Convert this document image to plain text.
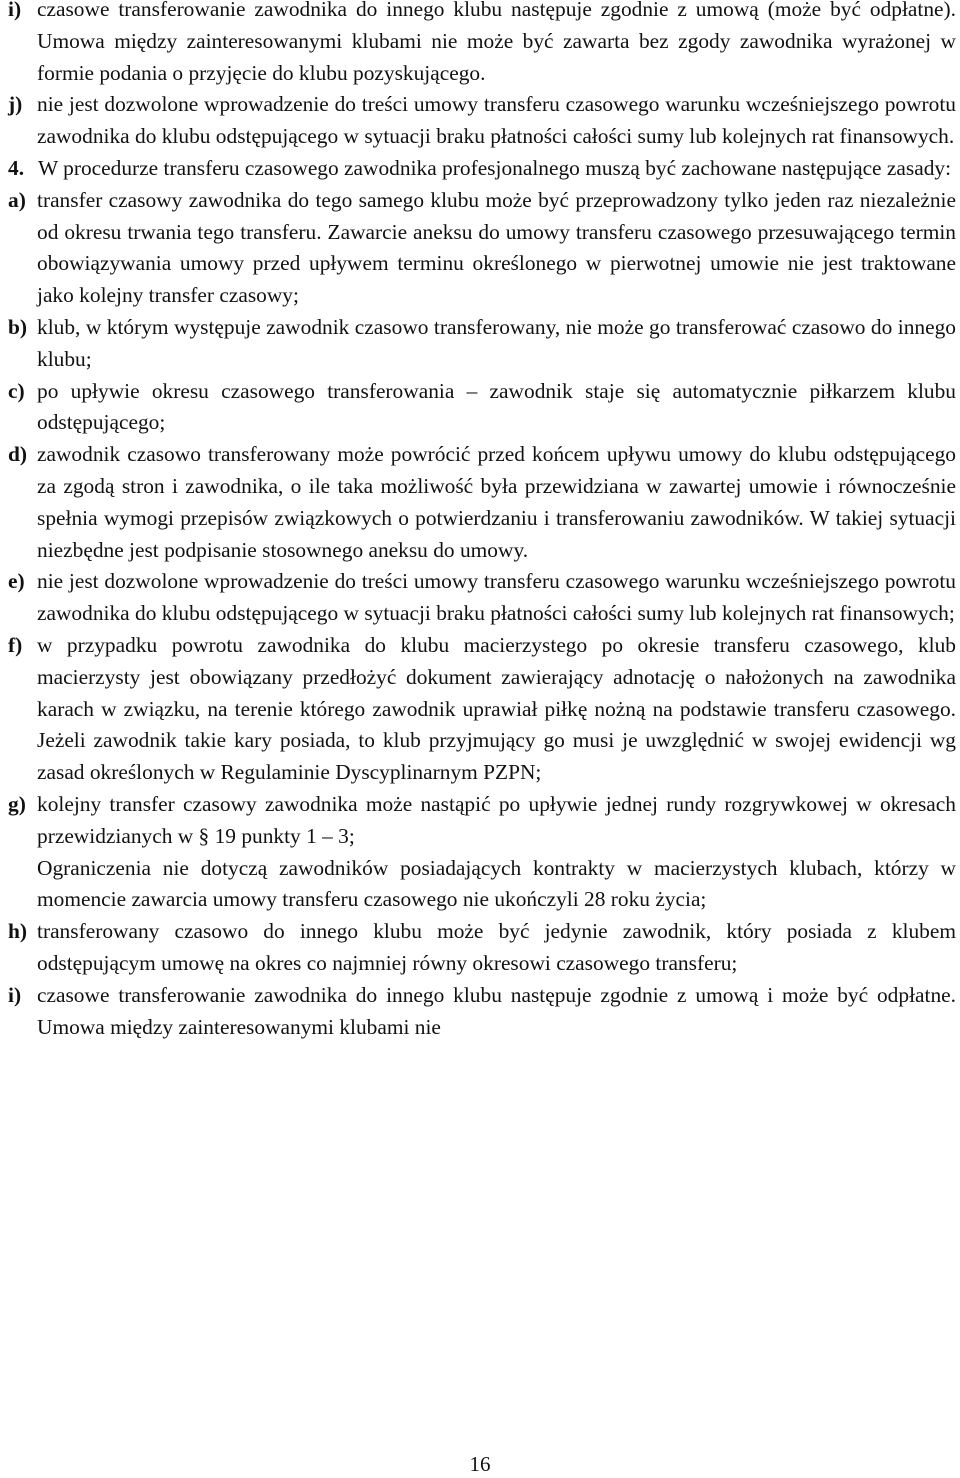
i) czasowe transferowanie zawodnika do innego klubu następuje zgodnie z umową (może być odpłatne). Umowa między zainteresowanymi klubami nie może być zawarta bez zgody zawodnika wyrażonej w formie podania o przyjęcie do klubu pozyskującego.
j) nie jest dozwolone wprowadzenie do treści umowy transferu czasowego warunku wcześniejszego powrotu zawodnika do klubu odstępującego w sytuacji braku płatności całości sumy lub kolejnych rat finansowych.
4. W procedurze transferu czasowego zawodnika profesjonalnego muszą być zachowane następujące zasady:
a) transfer czasowy zawodnika do tego samego klubu może być przeprowadzony tylko jeden raz niezależnie od okresu trwania tego transferu. Zawarcie aneksu do umowy transferu czasowego przesuwającego termin obowiązywania umowy przed upływem terminu określonego w pierwotnej umowie nie jest traktowane jako kolejny transfer czasowy;
b) klub, w którym występuje zawodnik czasowo transferowany, nie może go transferować czasowo do innego klubu;
c) po upływie okresu czasowego transferowania – zawodnik staje się automatycznie piłkarzem klubu odstępującego;
d) zawodnik czasowo transferowany może powrócić przed końcem upływu umowy do klubu odstępującego za zgodą stron i zawodnika, o ile taka możliwość była przewidziana w zawartej umowie i równocześnie spełnia wymogi przepisów związkowych o potwierdzaniu i transferowaniu zawodników. W takiej sytuacji niezbędne jest podpisanie stosownego aneksu do umowy.
e) nie jest dozwolone wprowadzenie do treści umowy transferu czasowego warunku wcześniejszego powrotu zawodnika do klubu odstępującego w sytuacji braku płatności całości sumy lub kolejnych rat finansowych;
f) w przypadku powrotu zawodnika do klubu macierzystego po okresie transferu czasowego, klub macierzysty jest obowiązany przedłożyć dokument zawierający adnotację o nałożonych na zawodnika karach w związku, na terenie którego zawodnik uprawiał piłkę nożną na podstawie transferu czasowego. Jeżeli zawodnik takie kary posiada, to klub przyjmujący go musi je uwzględnić w swojej ewidencji wg zasad określonych w Regulaminie Dyscyplinarnym PZPN;
g) kolejny transfer czasowy zawodnika może nastąpić po upływie jednej rundy rozgrywkowej w okresach przewidzianych w § 19 punkty 1 – 3;
Ograniczenia nie dotyczą zawodników posiadających kontrakty w macierzystych klubach, którzy w momencie zawarcia umowy transferu czasowego nie ukończyli 28 roku życia;
h) transferowany czasowo do innego klubu może być jedynie zawodnik, który posiada z klubem odstępującym umowę na okres co najmniej równy okresowi czasowego transferu;
i) czasowe transferowanie zawodnika do innego klubu następuje zgodnie z umową i może być odpłatne. Umowa między zainteresowanymi klubami nie
16
